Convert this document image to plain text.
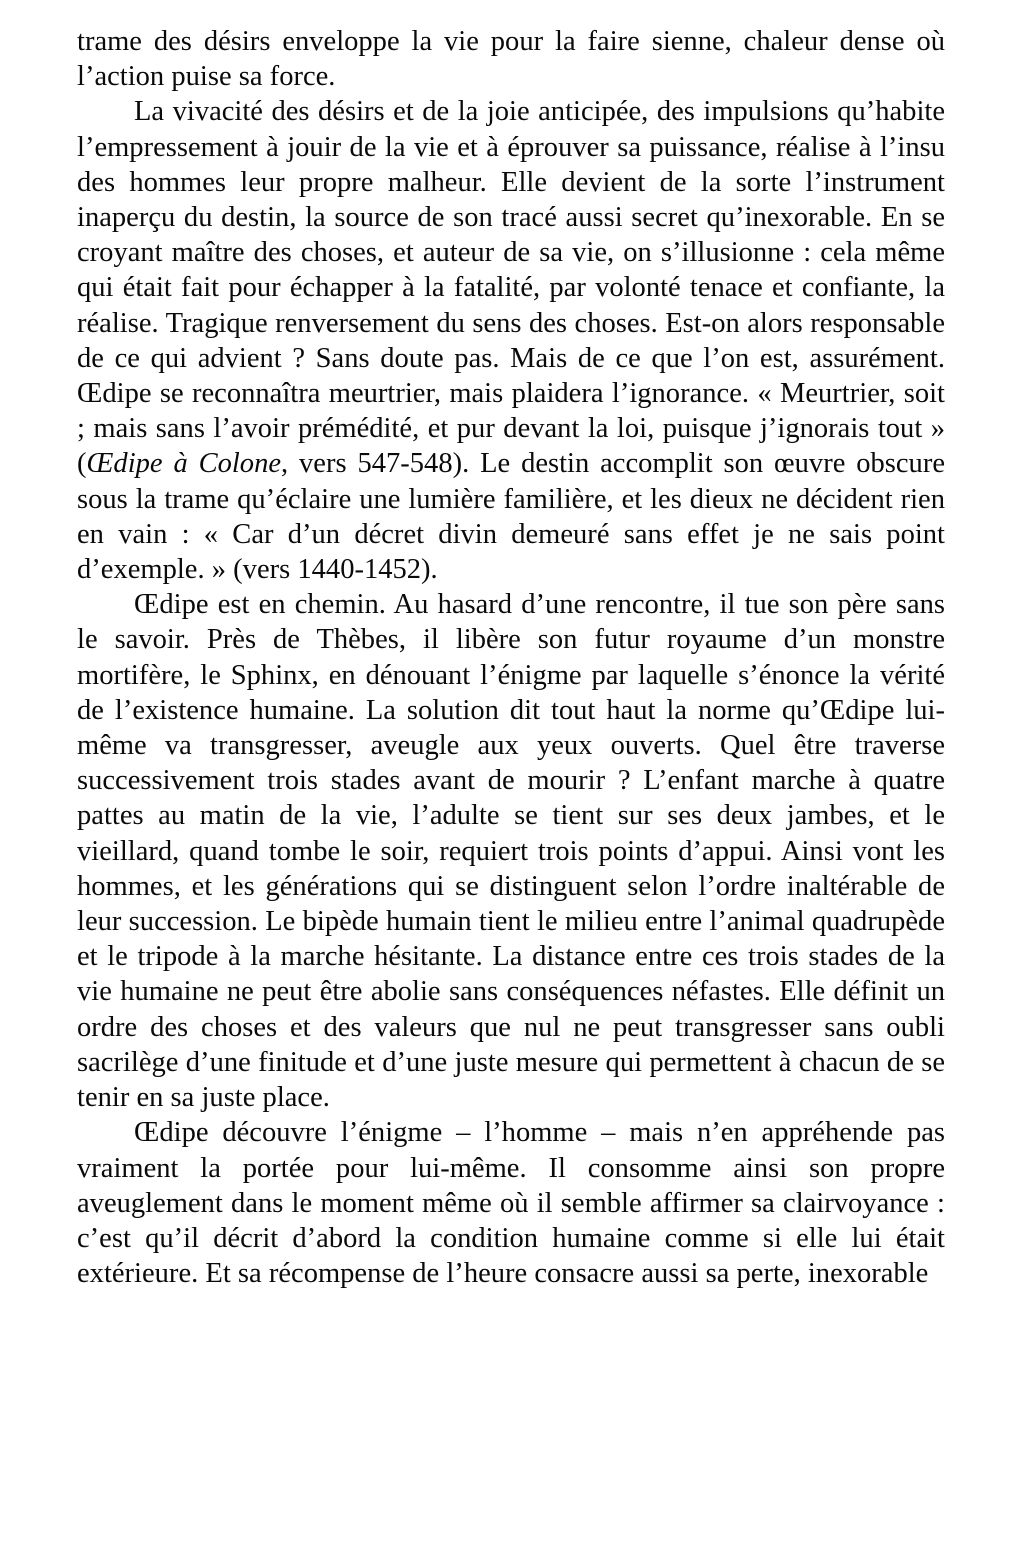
trame des désirs enveloppe la vie pour la faire sienne, chaleur dense où l’action puise sa force.

La vivacité des désirs et de la joie anticipée, des impulsions qu’habite l’empressement à jouir de la vie et à éprouver sa puissance, réalise à l’insu des hommes leur propre malheur. Elle devient de la sorte l’instrument inaperçu du destin, la source de son tracé aussi secret qu’inexorable. En se croyant maître des choses, et auteur de sa vie, on s’illusionne : cela même qui était fait pour échapper à la fatalité, par volonté tenace et confiante, la réalise. Tragique renversement du sens des choses. Est-on alors responsable de ce qui advient ? Sans doute pas. Mais de ce que l’on est, assurément. Œdipe se reconnaîtra meurtrier, mais plaidera l’ignorance. « Meurtrier, soit ; mais sans l’avoir prémédité, et pur devant la loi, puisque j’ignorais tout » (Œdipe à Colone, vers 547-548). Le destin accomplit son œuvre obscure sous la trame qu’éclaire une lumière familière, et les dieux ne décident rien en vain : « Car d’un décret divin demeuré sans effet je ne sais point d’exemple. » (vers 1440-1452).

Œdipe est en chemin. Au hasard d’une rencontre, il tue son père sans le savoir. Près de Thèbes, il libère son futur royaume d’un monstre mortifère, le Sphinx, en dénouant l’énigme par laquelle s’énonce la vérité de l’existence humaine. La solution dit tout haut la norme qu’Œdipe lui-même va transgresser, aveugle aux yeux ouverts. Quel être traverse successivement trois stades avant de mourir ? L’enfant marche à quatre pattes au matin de la vie, l’adulte se tient sur ses deux jambes, et le vieillard, quand tombe le soir, requiert trois points d’appui. Ainsi vont les hommes, et les générations qui se distinguent selon l’ordre inaltérable de leur succession. Le bipède humain tient le milieu entre l’animal quadrupède et le tripode à la marche hésitante. La distance entre ces trois stades de la vie humaine ne peut être abolie sans conséquences néfastes. Elle définit un ordre des choses et des valeurs que nul ne peut transgresser sans oubli sacrilège d’une finitude et d’une juste mesure qui permettent à chacun de se tenir en sa juste place.

Œdipe découvre l’énigme – l’homme – mais n’en appréhende pas vraiment la portée pour lui-même. Il consomme ainsi son propre aveuglement dans le moment même où il semble affirmer sa clairvoyance : c’est qu’il décrit d’abord la condition humaine comme si elle lui était extérieure. Et sa récompense de l’heure consacre aussi sa perte, inexorable
